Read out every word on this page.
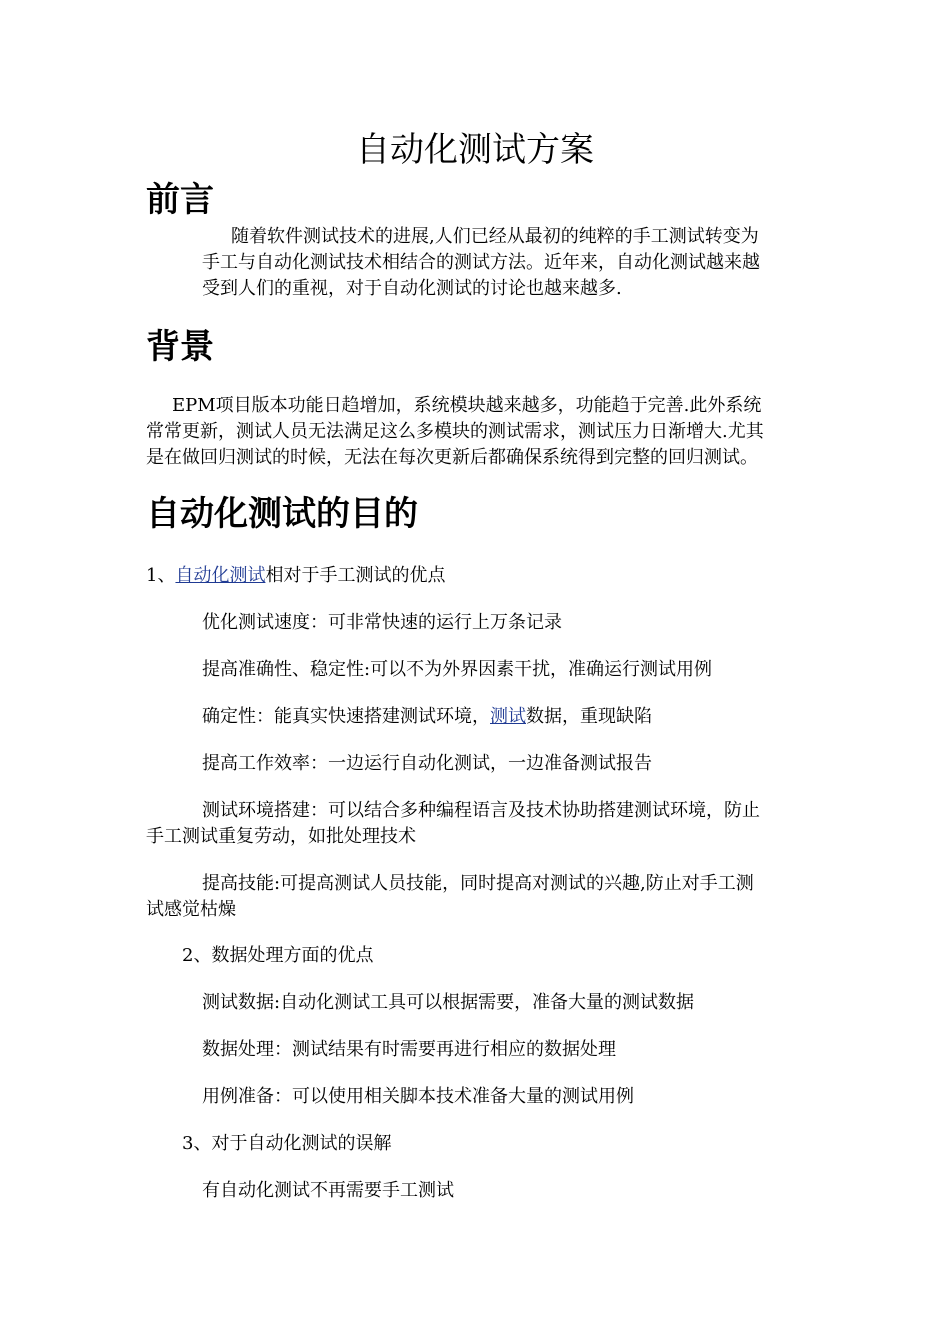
自动化测试方案
前言
随着软件测试技术的进展,人们已经从最初的纯粹的手工测试转变为
手工与自动化测试技术相结合的测试方法。近年来，自动化测试越来越
受到人们的重视，对于自动化测试的讨论也越来越多.
背景
EPM项目版本功能日趋增加，系统模块越来越多，功能趋于完善.此外系统
常常更新，测试人员无法满足这么多模块的测试需求，测试压力日渐增大.尤其
是在做回归测试的时候，无法在每次更新后都确保系统得到完整的回归测试。
自动化测试的目的
1、自动化测试相对于手工测试的优点
优化测试速度：可非常快速的运行上万条记录
提高准确性、稳定性:可以不为外界因素干扰，准确运行测试用例
确定性：能真实快速搭建测试环境，测试数据，重现缺陷
提高工作效率：一边运行自动化测试，一边准备测试报告
测试环境搭建：可以结合多种编程语言及技术协助搭建测试环境，防止
手工测试重复劳动，如批处理技术
提高技能:可提高测试人员技能，同时提高对测试的兴趣,防止对手工测
试感觉枯燥
2、数据处理方面的优点
测试数据:自动化测试工具可以根据需要，准备大量的测试数据
数据处理：测试结果有时需要再进行相应的数据处理
用例准备：可以使用相关脚本技术准备大量的测试用例
3、对于自动化测试的误解
有自动化测试不再需要手工测试
